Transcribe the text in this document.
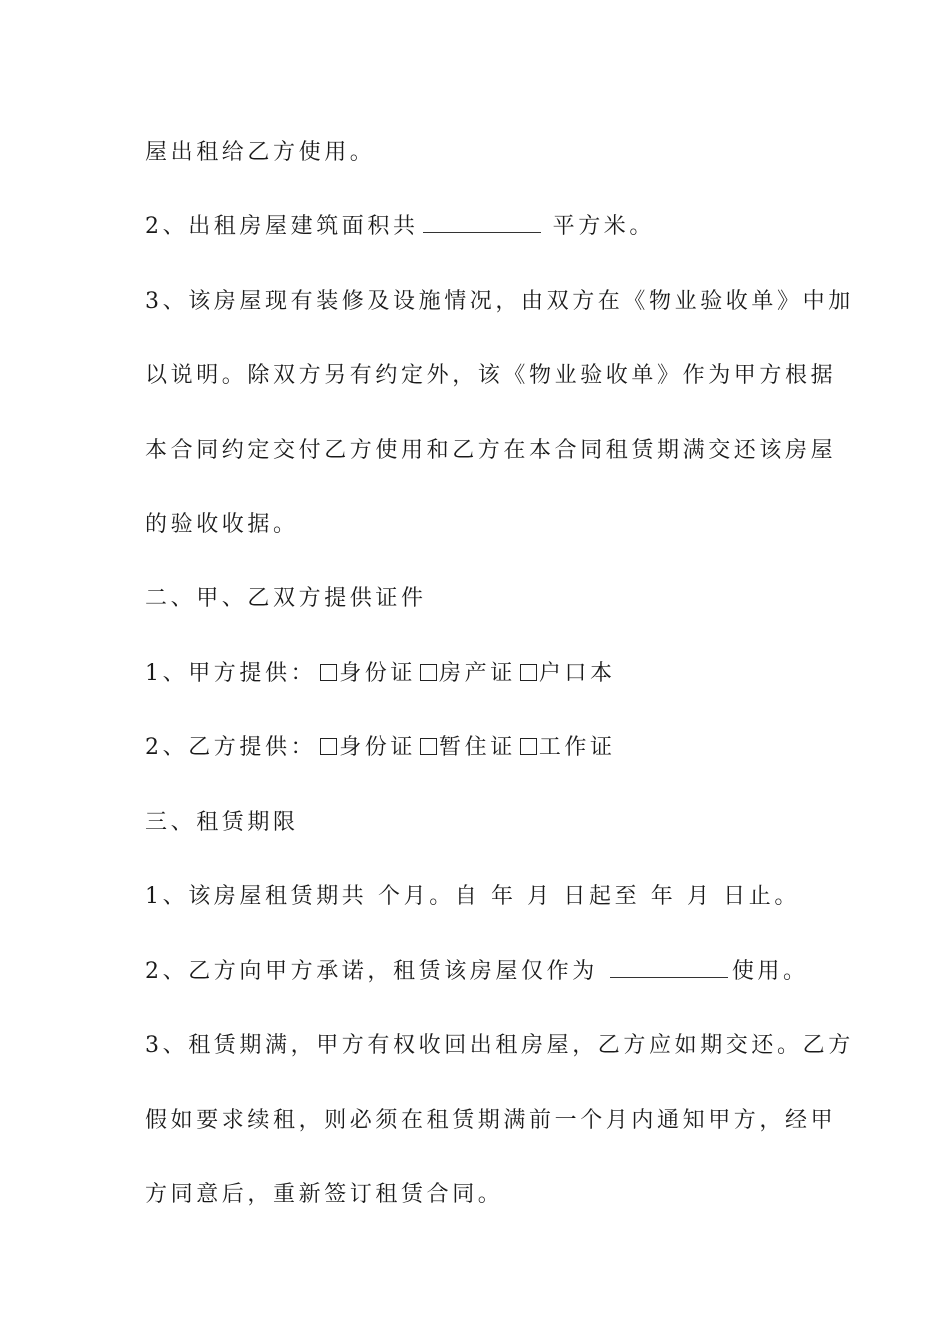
屋出租给乙方使用。
2、出租房屋建筑面积共	平方米。
3、该房屋现有装修及设施情况，由双方在《物业验收单》中加
以说明。除双方另有约定外，该《物业验收单》作为甲方根据
本合同约定交付乙方使用和乙方在本合同租赁期满交还该房屋
的验收收据。
二、甲、乙双方提供证件
1、甲方提供： 身份证 房产证 户口本
2、乙方提供： 身份证 暂住证 工作证
三、租赁期限
1、该房屋租赁期共 个月。自 年 月 日起至 年 月 日止。
2、乙方向甲方承诺，租赁该房屋仅作为	使用。
3、租赁期满，甲方有权收回出租房屋，乙方应如期交还。乙方
假如要求续租，则必须在租赁期满前一个月内通知甲方，经甲
方同意后，重新签订租赁合同。
